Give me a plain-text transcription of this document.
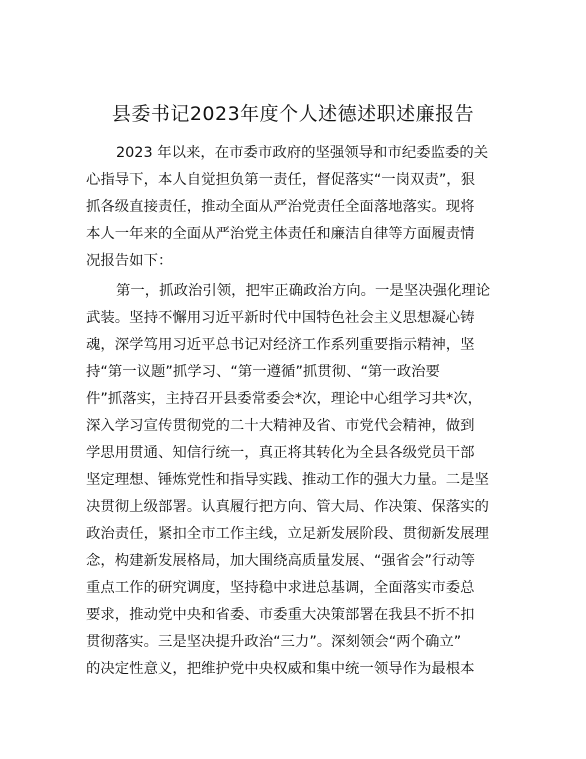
县委书记2023年度个人述德述职述廉报告
2023 年以来，在市委市政府的坚强领导和市纪委监委的关
心指导下，本人自觉担负第一责任，督促落实“一岗双责”，狠
抓各级直接责任，推动全面从严治党责任全面落地落实。现将
本人一年来的全面从严治党主体责任和廉洁自律等方面履责情
况报告如下：
第一，抓政治引领，把牢正确政治方向。一是坚决强化理论
武装。坚持不懈用习近平新时代中国特色社会主义思想凝心铸
魂，深学笃用习近平总书记对经济工作系列重要指示精神，坚
持“第一议题”抓学习、“第一遵循”抓贯彻、“第一政治要
件”抓落实，主持召开县委常委会*次，理论中心组学习共*次，
深入学习宣传贯彻党的二十大精神及省、市党代会精神，做到
学思用贯通、知信行统一，真正将其转化为全县各级党员干部
坚定理想、锤炼党性和指导实践、推动工作的强大力量。二是坚
决贯彻上级部署。认真履行把方向、管大局、作决策、保落实的
政治责任，紧扣全市工作主线，立足新发展阶段、贯彻新发展理
念，构建新发展格局，加大围绕高质量发展、“强省会”行动等
重点工作的研究调度，坚持稳中求进总基调，全面落实市委总
要求，推动党中央和省委、市委重大决策部署在我县不折不扣
贯彻落实。三是坚决提升政治“三力”。深刻领会“两个确立”
的决定性意义，把维护党中央权威和集中统一领导作为最根本
